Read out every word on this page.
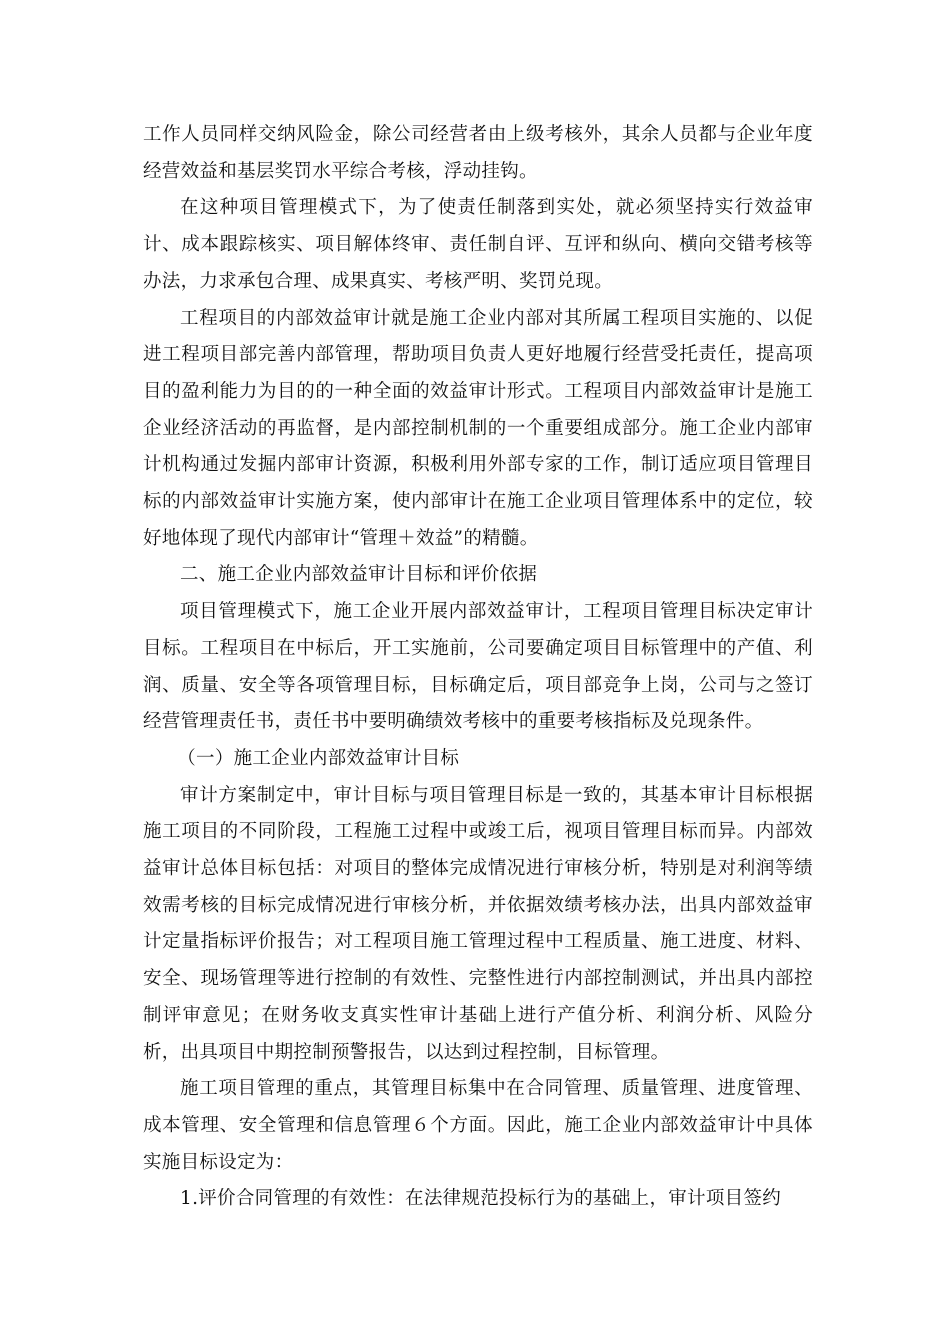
工作人员同样交纳风险金，除公司经营者由上级考核外，其余人员都与企业年度经营效益和基层奖罚水平综合考核，浮动挂钩。

在这种项目管理模式下，为了使责任制落到实处，就必须坚持实行效益审计、成本跟踪核实、项目解体终审、责任制自评、互评和纵向、横向交错考核等办法，力求承包合理、成果真实、考核严明、奖罚兑现。

工程项目的内部效益审计就是施工企业内部对其所属工程项目实施的、以促进工程项目部完善内部管理，帮助项目负责人更好地履行经营受托责任，提高项目的盈利能力为目的的一种全面的效益审计形式。工程项目内部效益审计是施工企业经济活动的再监督，是内部控制机制的一个重要组成部分。施工企业内部审计机构通过发掘内部审计资源，积极利用外部专家的工作，制订适应项目管理目标的内部效益审计实施方案，使内部审计在施工企业项目管理体系中的定位，较好地体现了现代内部审计“管理＋效益”的精髓。

二、施工企业内部效益审计目标和评价依据

项目管理模式下，施工企业开展内部效益审计，工程项目管理目标决定审计目标。工程项目在中标后，开工实施前，公司要确定项目目标管理中的产值、利润、质量、安全等各项管理目标，目标确定后，项目部竞争上岗，公司与之签订经营管理责任书，责任书中要明确绩效考核中的重要考核指标及兑现条件。

（一）施工企业内部效益审计目标

审计方案制定中，审计目标与项目管理目标是一致的，其基本审计目标根据施工项目的不同阶段，工程施工过程中或竣工后，视项目管理目标而异。内部效益审计总体目标包括：对项目的整体完成情况进行审核分析，特别是对利润等绩效需考核的目标完成情况进行审核分析，并依据效绩考核办法，出具内部效益审计定量指标评价报告；对工程项目施工管理过程中工程质量、施工进度、材料、安全、现场管理等进行控制的有效性、完整性进行内部控制测试，并出具内部控制评审意见；在财务收支真实性审计基础上进行产值分析、利润分析、风险分析，出具项目中期控制预警报告，以达到过程控制，目标管理。

施工项目管理的重点，其管理目标集中在合同管理、质量管理、进度管理、成本管理、安全管理和信息管理６个方面。因此，施工企业内部效益审计中具体实施目标设定为：

1.评价合同管理的有效性：在法律规范投标行为的基础上，审计项目签约
